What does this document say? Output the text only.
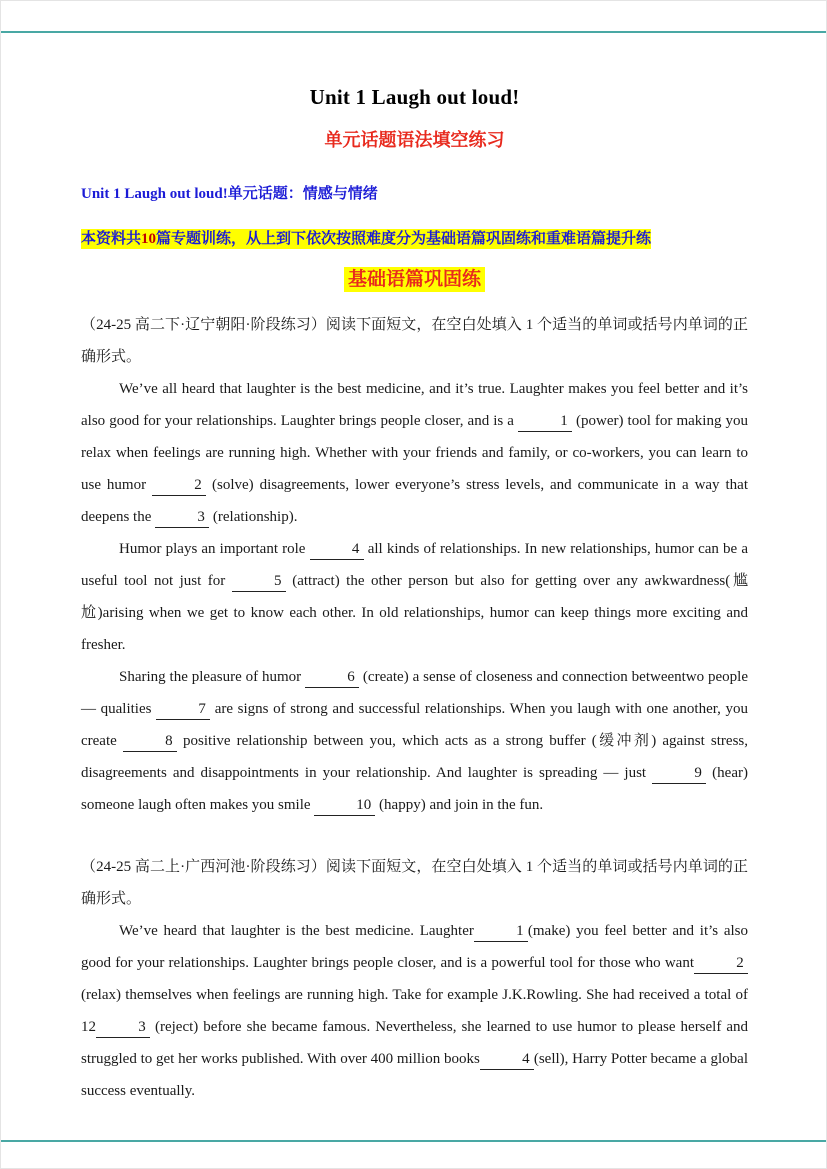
Unit 1 Laugh out loud!
单元话题语法填空练习

Unit 1 Laugh out loud!单元话题：情感与情绪

本资料共10篇专题训练，从上到下依次按照难度分为基础语篇巩固练和重难语篇提升练

基础语篇巩固练

（24-25 高二下·辽宁朝阳·阶段练习）阅读下面短文，在空白处填入 1 个适当的单词或括号内单词的正确形式。

We’ve all heard that laughter is the best medicine, and it’s true. Laughter makes you feel better and it’s also good for your relationships. Laughter brings people closer, and is a	1 (power) tool for making you relax when feelings are running high. Whether with your friends and family, or co-workers, you can learn to use humor	2 (solve) disagreements, lower everyone’s stress levels, and communicate in a way that deepens the	3 (relationship).

Humor plays an important role	4 all kinds of relationships. In new relationships, humor can be a useful tool not just for	5 (attract) the other person but also for getting over any awkwardness(尴尬)arising when we get to know each other. In old relationships, humor can keep things more exciting and fresher.

Sharing the pleasure of humor	6 (create) a sense of closeness and connection betweentwo people — qualities	7 are signs of strong and successful relationships. When you laugh with one another, you create	8 positive relationship between you, which acts as a strong buffer (缓冲剂) against stress, disagreements and disappointments in your relationship. And laughter is spreading — just	9 (hear) someone laugh often makes you smile	10 (happy) and join in the fun.

（24-25 高二上·广西河池·阶段练习）阅读下面短文，在空白处填入 1 个适当的单词或括号内单词的正确形式。

We’ve heard that laughter is the best medicine. Laughter	1 (make) you feel better and it’s also good for your relationships. Laughter brings people closer, and is a powerful tool for those who want	2(relax) themselves when feelings are running high. Take for example J.K.Rowling. She had received a total of 12	3 (reject) before she became famous. Nevertheless, she learned to use humor to please herself and struggled to get her works published. With over 400 million books	4 (sell), Harry Potter became a global success eventually.
